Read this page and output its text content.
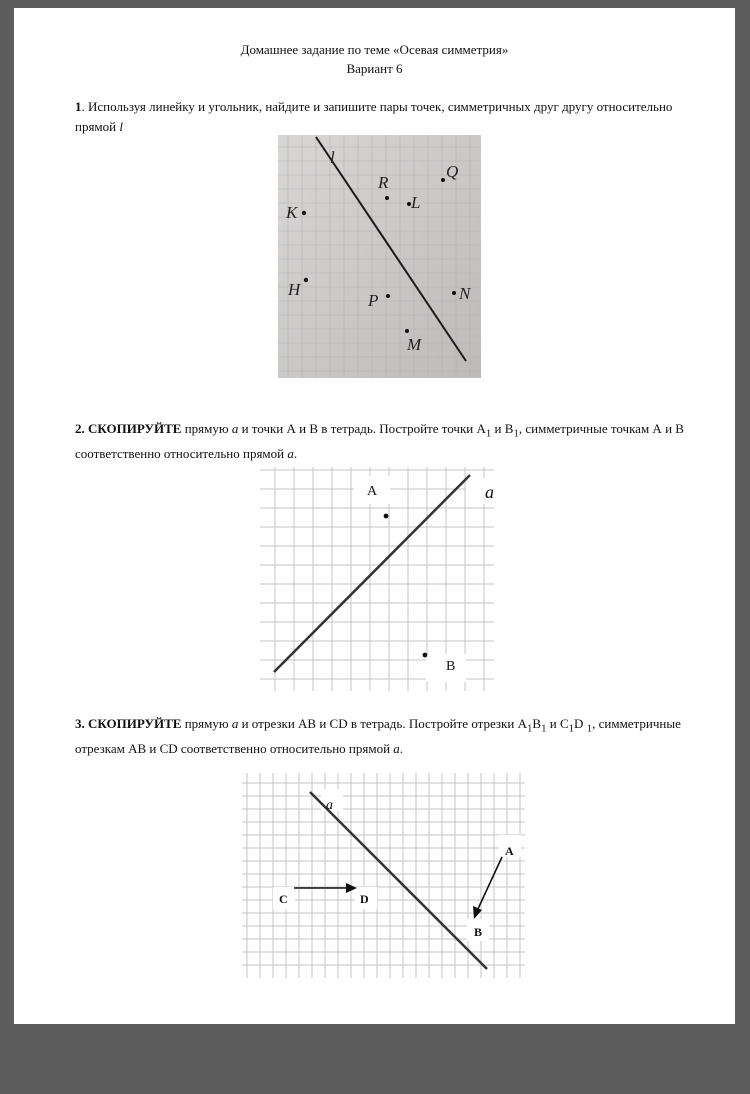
Домашнее задание по теме «Осевая симметрия»
Вариант 6
1. Используя линейку и угольник, найдите и запишите пары точек, симметричных друг другу относительно прямой l
l
K
R
L
Q
H
P	N
M
2. СКОПИРУЙТЕ прямую a и точки А и В в тетрадь. Постройте точки $А_1$ и $В_1$, симметричные точкам А и В соответственно относительно прямой a.
A
B
a
3. СКОПИРУЙТЕ прямую a и отрезки АВ и CD в тетрадь. Постройте отрезки $А_1В_1$ и $C_1D$ $_1$, симметричные отрезкам АВ и CD соответственно относительно прямой a.
a
A
B
C	D
